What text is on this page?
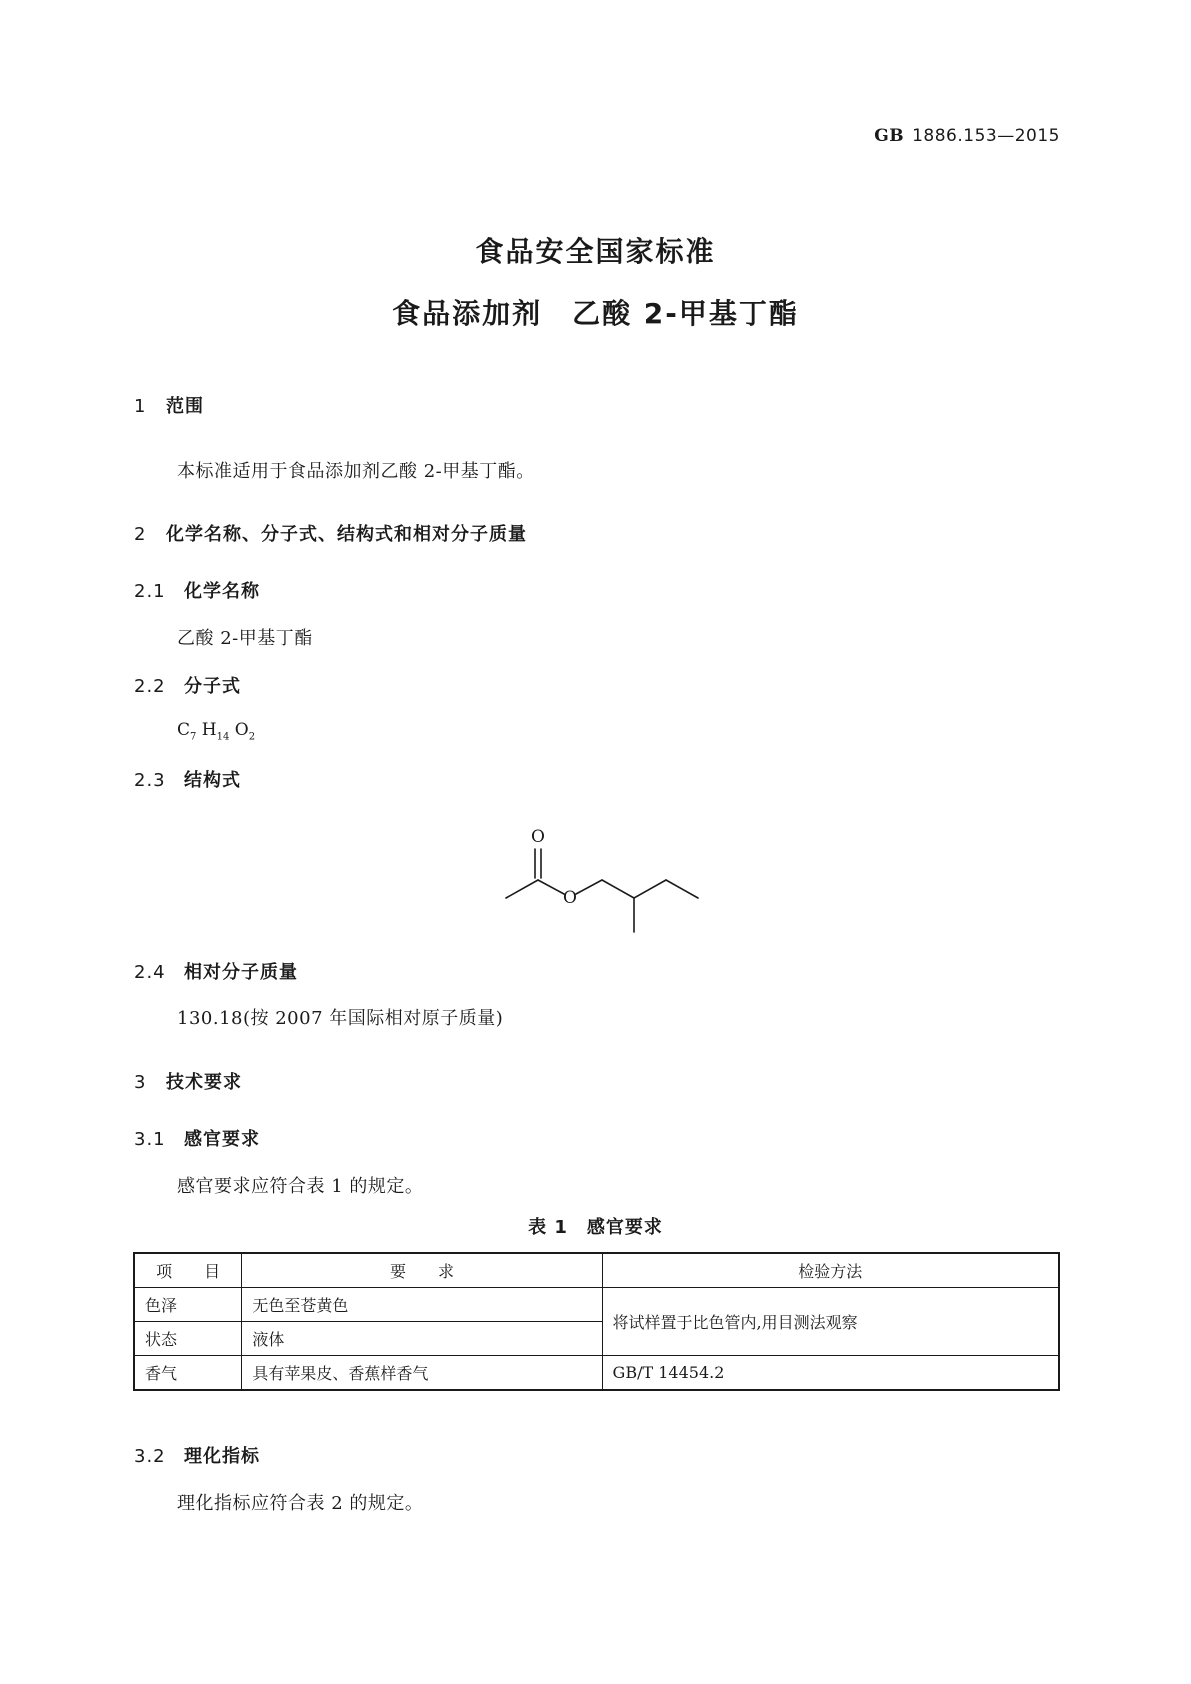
GB 1886.153—2015
食品安全国家标准
食品添加剂　乙酸 2-甲基丁酯
1 范围
本标准适用于食品添加剂乙酸 2-甲基丁酯。
2 化学名称、分子式、结构式和相对分子质量
2.1 化学名称
乙酸 2-甲基丁酯
2.2 分子式
$C_7$ $H_{14}$ $O_2$
2.3 结构式
O
O
2.4 相对分子质量
130.18(按 2007 年国际相对原子质量)
3 技术要求
3.1 感官要求
感官要求应符合表 1 的规定。
表 1　感官要求
项　　目	要　　求	检验方法
色泽	无色至苍黄色	将试样置于比色管内,用目测法观察
状态	液体	
香气	具有苹果皮、香蕉样香气	GB/T 14454.2
3.2 理化指标
理化指标应符合表 2 的规定。
